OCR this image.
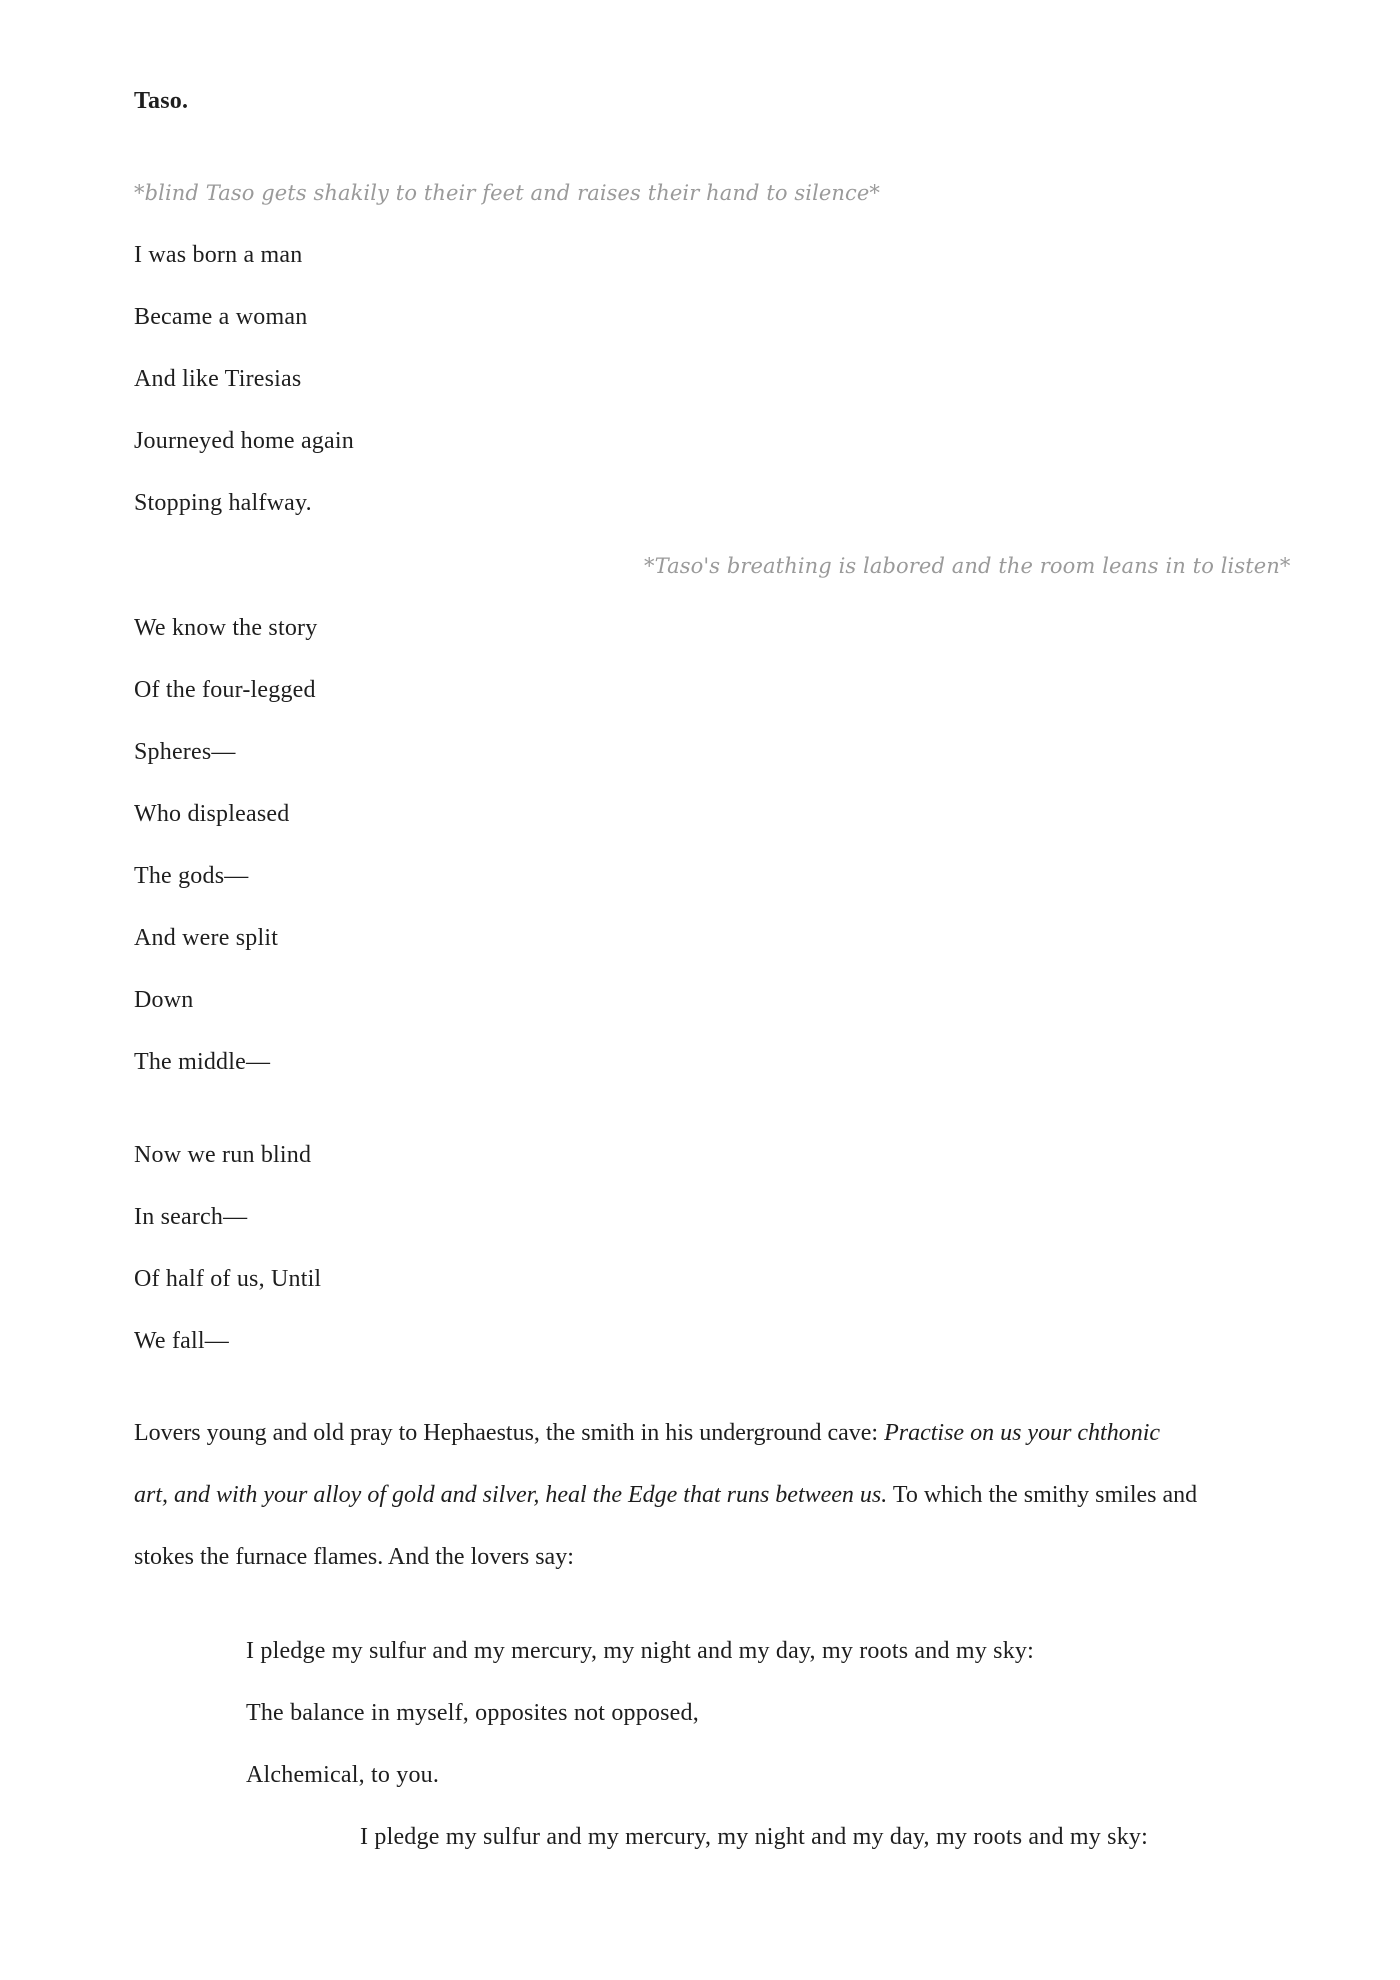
Taso.
*blind Taso gets shakily to their feet and raises their hand to silence*
I was born a man
Became a woman
And like Tiresias
Journeyed home again
Stopping halfway.
*Taso's breathing is labored and the room leans in to listen*
We know the story
Of the four-legged
Spheres—
Who displeased
The gods—
And were split
Down
The middle—
Now we run blind
In search—
Of half of us, Until
We fall—
Lovers young and old pray to Hephaestus, the smith in his underground cave: Practise on us your chthonic
art, and with your alloy of gold and silver, heal the Edge that runs between us. To which the smithy smiles and
stokes the furnace flames. And the lovers say:
I pledge my sulfur and my mercury, my night and my day, my roots and my sky:
The balance in myself, opposites not opposed,
Alchemical, to you.
I pledge my sulfur and my mercury, my night and my day, my roots and my sky:
